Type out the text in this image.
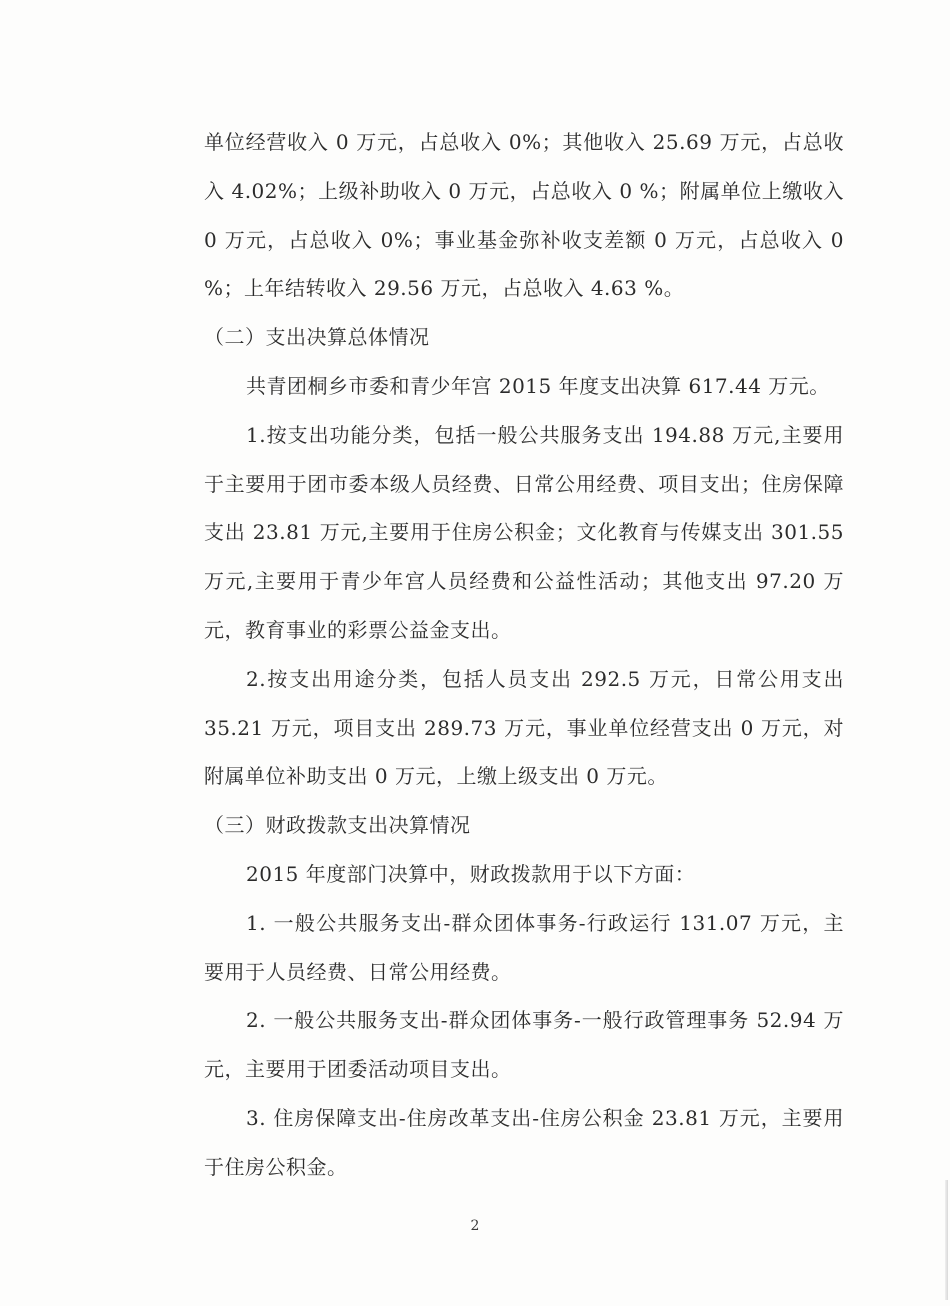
单位经营收入 0 万元，占总收入 0%；其他收入 25.69 万元，占总收入 4.02%；上级补助收入 0 万元，占总收入 0 %；附属单位上缴收入 0 万元，占总收入 0%；事业基金弥补收支差额 0 万元，占总收入 0 %；上年结转收入 29.56 万元，占总收入 4.63 %。

（二）支出决算总体情况

共青团桐乡市委和青少年宫 2015 年度支出决算 617.44 万元。

1.按支出功能分类，包括一般公共服务支出 194.88 万元,主要用于主要用于团市委本级人员经费、日常公用经费、项目支出；住房保障支出 23.81 万元,主要用于住房公积金；文化教育与传媒支出 301.55 万元,主要用于青少年宫人员经费和公益性活动；其他支出 97.20 万元，教育事业的彩票公益金支出。

2.按支出用途分类，包括人员支出 292.5 万元，日常公用支出 35.21 万元，项目支出 289.73 万元，事业单位经营支出 0 万元，对附属单位补助支出 0 万元，上缴上级支出 0 万元。

（三）财政拨款支出决算情况

2015 年度部门决算中，财政拨款用于以下方面：

1. 一般公共服务支出-群众团体事务-行政运行 131.07 万元，主要用于人员经费、日常公用经费。

2. 一般公共服务支出-群众团体事务-一般行政管理事务 52.94 万元，主要用于团委活动项目支出。

3. 住房保障支出-住房改革支出-住房公积金 23.81 万元，主要用于住房公积金。

2
